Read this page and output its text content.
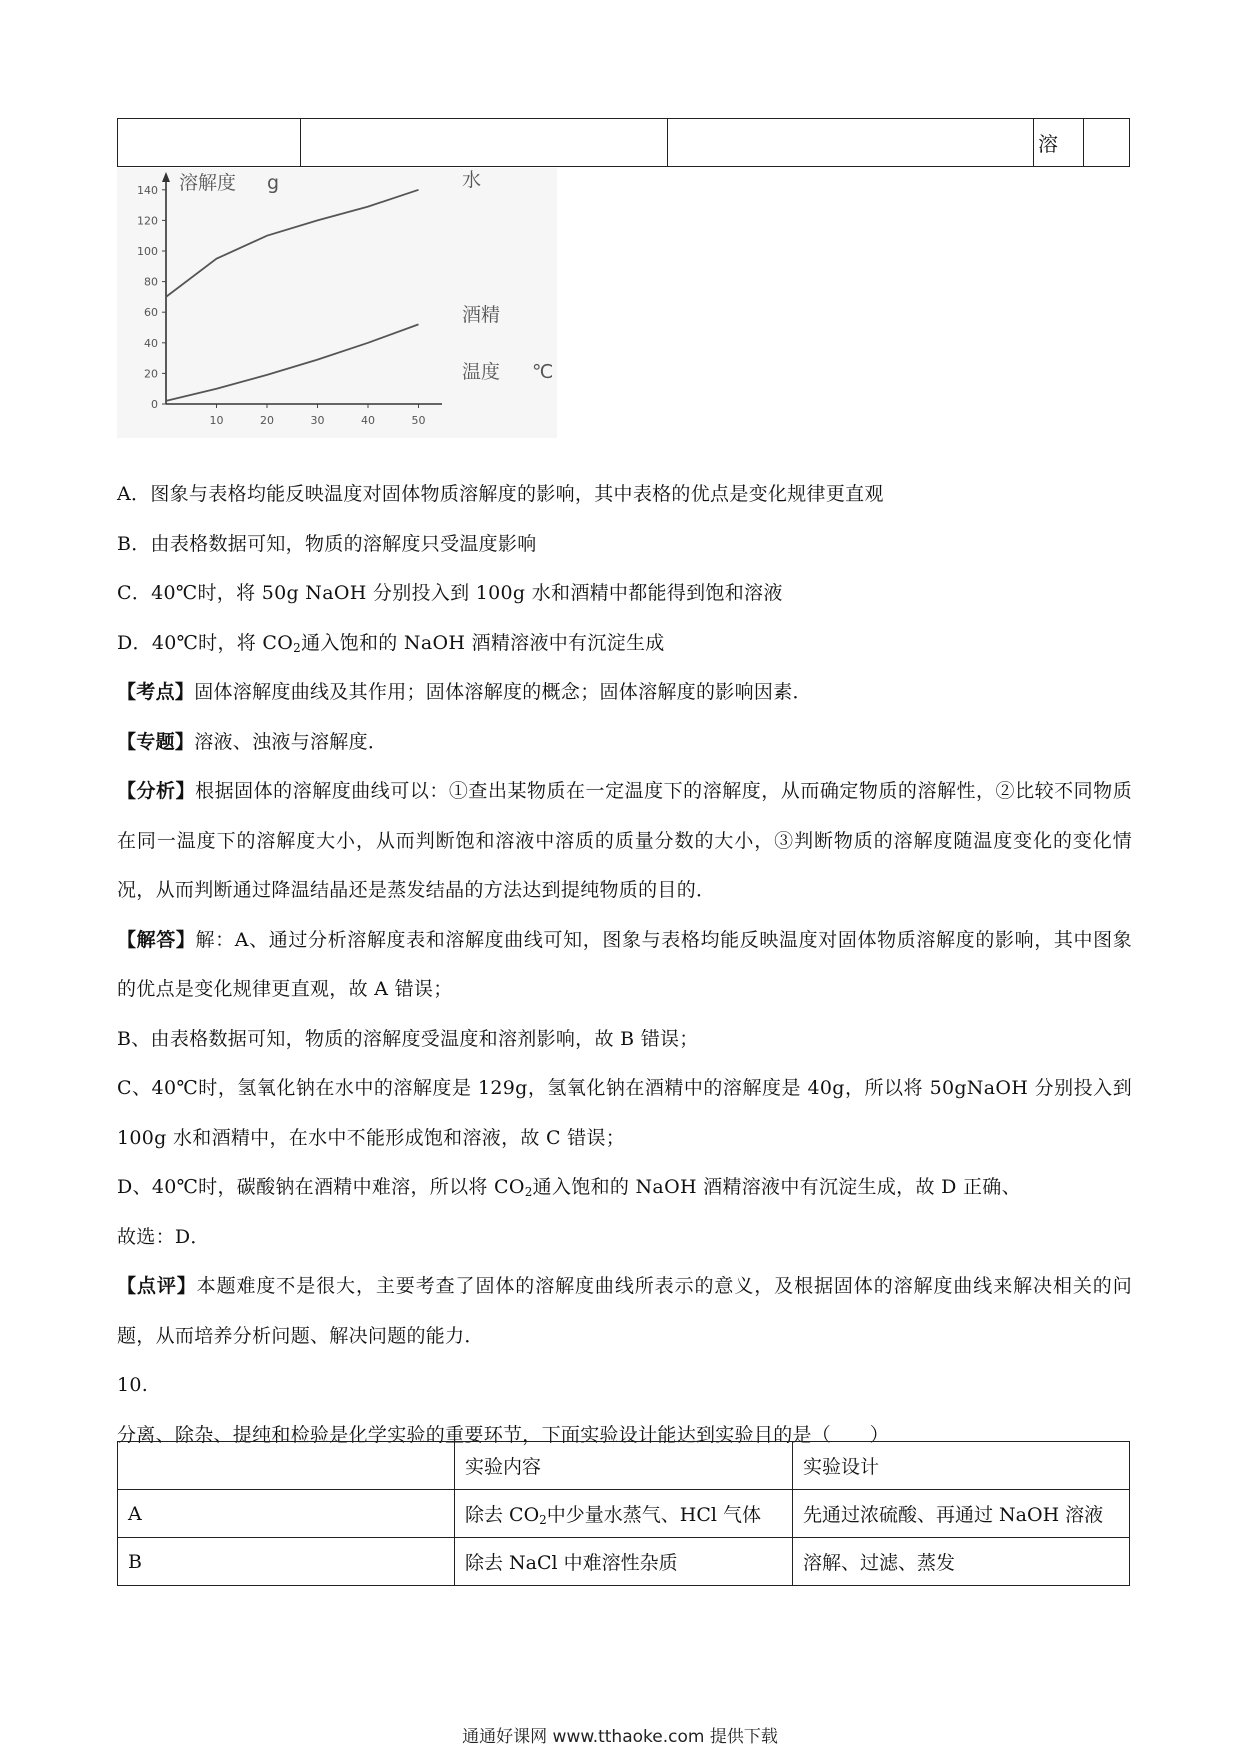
			溶	
0
20
40
60
80
100
120
140
10	20	30	40	50
溶解度 g	水
酒精
温度 ℃

A．图象与表格均能反映温度对固体物质溶解度的影响，其中表格的优点是变化规律更直观

B．由表格数据可知，物质的溶解度只受温度影响

C．40℃时，将 50g NaOH 分别投入到 100g 水和酒精中都能得到饱和溶液

D．40℃时，将 $CO_2$通入饱和的 NaOH 酒精溶液中有沉淀生成

【考点】固体溶解度曲线及其作用；固体溶解度的概念；固体溶解度的影响因素．

【专题】溶液、浊液与溶解度．

【分析】根据固体的溶解度曲线可以：①查出某物质在一定温度下的溶解度，从而确定物质的溶解性，②比较不同物质在同一温度下的溶解度大小，从而判断饱和溶液中溶质的质量分数的大小，③判断物质的溶解度随温度变化的变化情况，从而判断通过降温结晶还是蒸发结晶的方法达到提纯物质的目的．

【解答】解：A、通过分析溶解度表和溶解度曲线可知，图象与表格均能反映温度对固体物质溶解度的影响，其中图象的优点是变化规律更直观，故 A 错误；

B、由表格数据可知，物质的溶解度受温度和溶剂影响，故 B 错误；

C、40℃时，氢氧化钠在水中的溶解度是 129g，氢氧化钠在酒精中的溶解度是 40g，所以将 50gNaOH 分别投入到 100g 水和酒精中，在水中不能形成饱和溶液，故 C 错误；

D、40℃时，碳酸钠在酒精中难溶，所以将 $CO_2$通入饱和的 NaOH 酒精溶液中有沉淀生成，故 D 正确、

故选：D．

【点评】本题难度不是很大，主要考查了固体的溶解度曲线所表示的意义，及根据固体的溶解度曲线来解决相关的问题，从而培养分析问题、解决问题的能力．

10.

分离、除杂、提纯和检验是化学实验的重要环节，下面实验设计能达到实验目的是（　　）

	实验内容	实验设计
A	除去 $CO_2$中少量水蒸气、HCl 气体	先通过浓硫酸、再通过 NaOH 溶液
B	除去 NaCl 中难溶性杂质	溶解、过滤、蒸发
通通好课网 www.tthaoke.com 提供下载
